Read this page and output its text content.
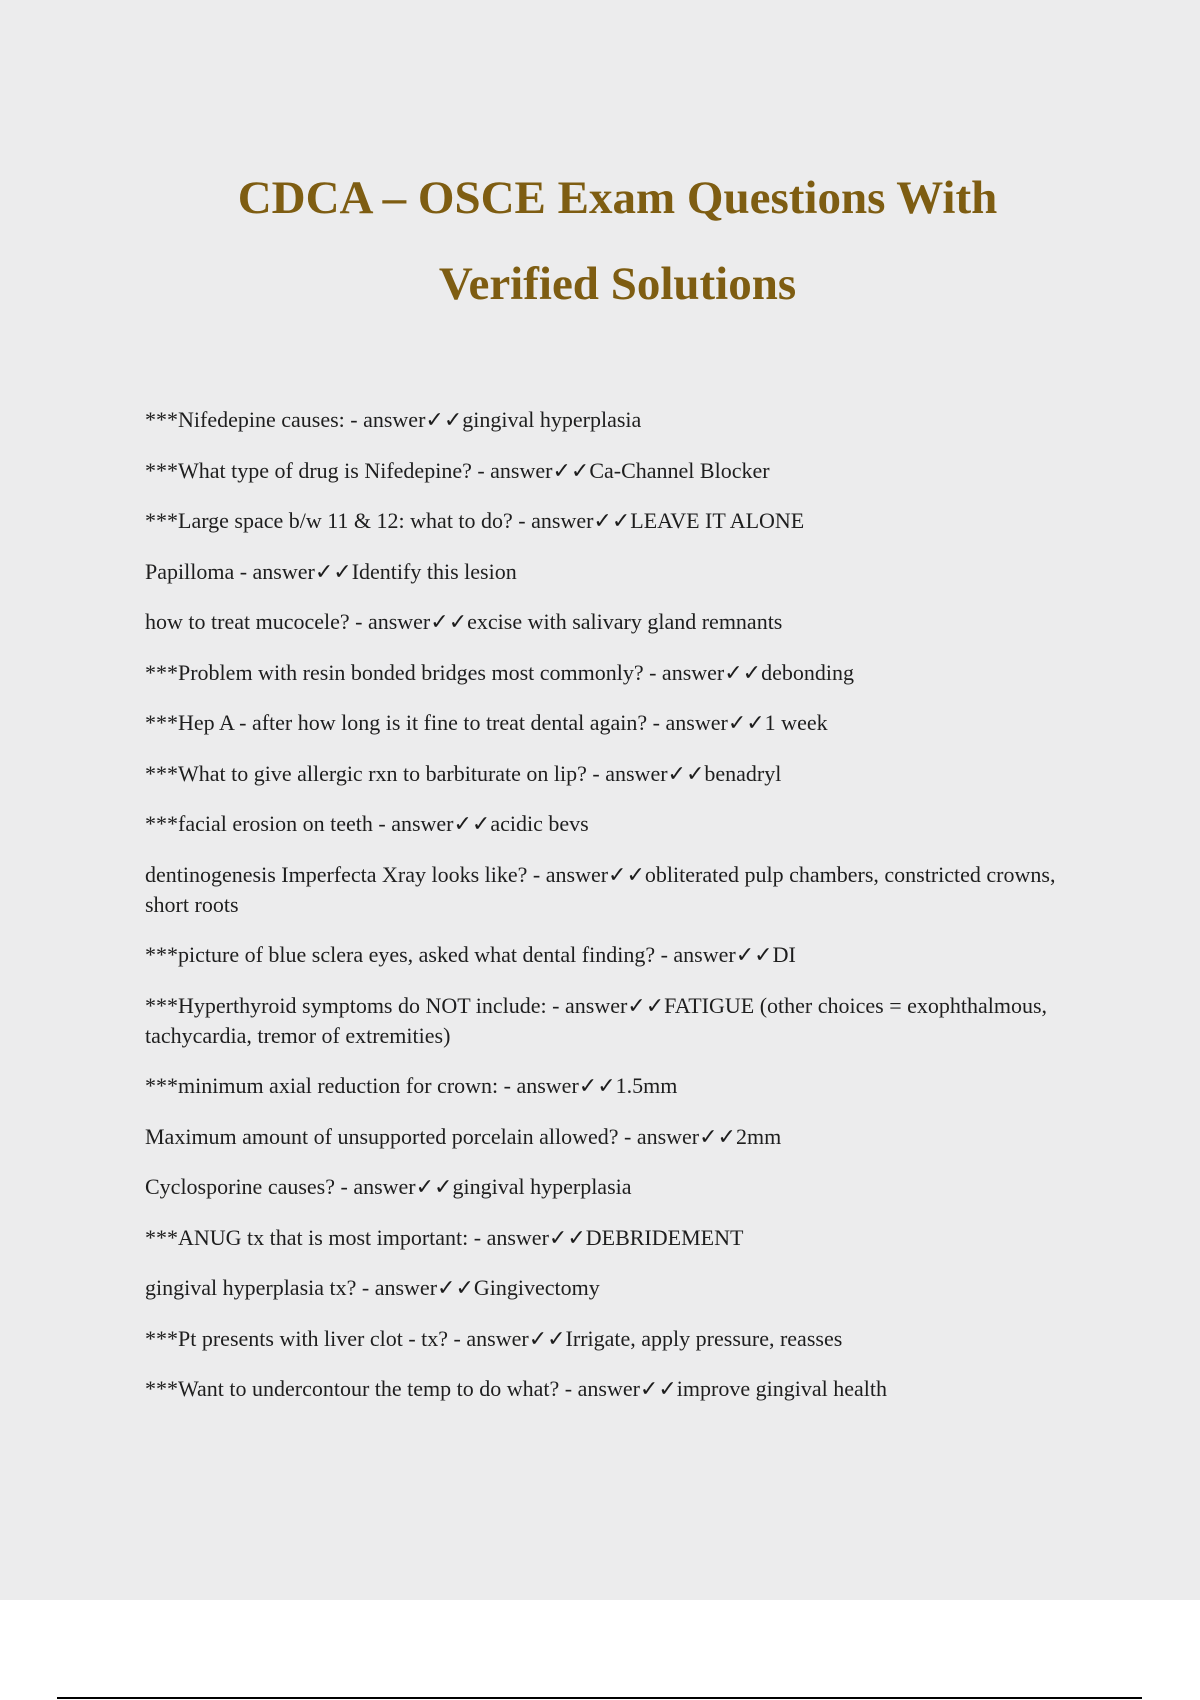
CDCA – OSCE Exam Questions With
Verified Solutions
***Nifedepine causes: - answer✓✓gingival hyperplasia
***What type of drug is Nifedepine? - answer✓✓Ca-Channel Blocker
***Large space b/w 11 & 12: what to do? - answer✓✓LEAVE IT ALONE
Papilloma - answer✓✓Identify this lesion
how to treat mucocele? - answer✓✓excise with salivary gland remnants
***Problem with resin bonded bridges most commonly? - answer✓✓debonding
***Hep A - after how long is it fine to treat dental again? - answer✓✓1 week
***What to give allergic rxn to barbiturate on lip? - answer✓✓benadryl
***facial erosion on teeth - answer✓✓acidic bevs
dentinogenesis Imperfecta Xray looks like? - answer✓✓obliterated pulp chambers, constricted crowns, short roots
***picture of blue sclera eyes, asked what dental finding? - answer✓✓DI
***Hyperthyroid symptoms do NOT include: - answer✓✓FATIGUE (other choices = exophthalmous, tachycardia, tremor of extremities)
***minimum axial reduction for crown: - answer✓✓1.5mm
Maximum amount of unsupported porcelain allowed? - answer✓✓2mm
Cyclosporine causes? - answer✓✓gingival hyperplasia
***ANUG tx that is most important: - answer✓✓DEBRIDEMENT
gingival hyperplasia tx? - answer✓✓Gingivectomy
***Pt presents with liver clot - tx? - answer✓✓Irrigate, apply pressure, reasses
***Want to undercontour the temp to do what? - answer✓✓improve gingival health
